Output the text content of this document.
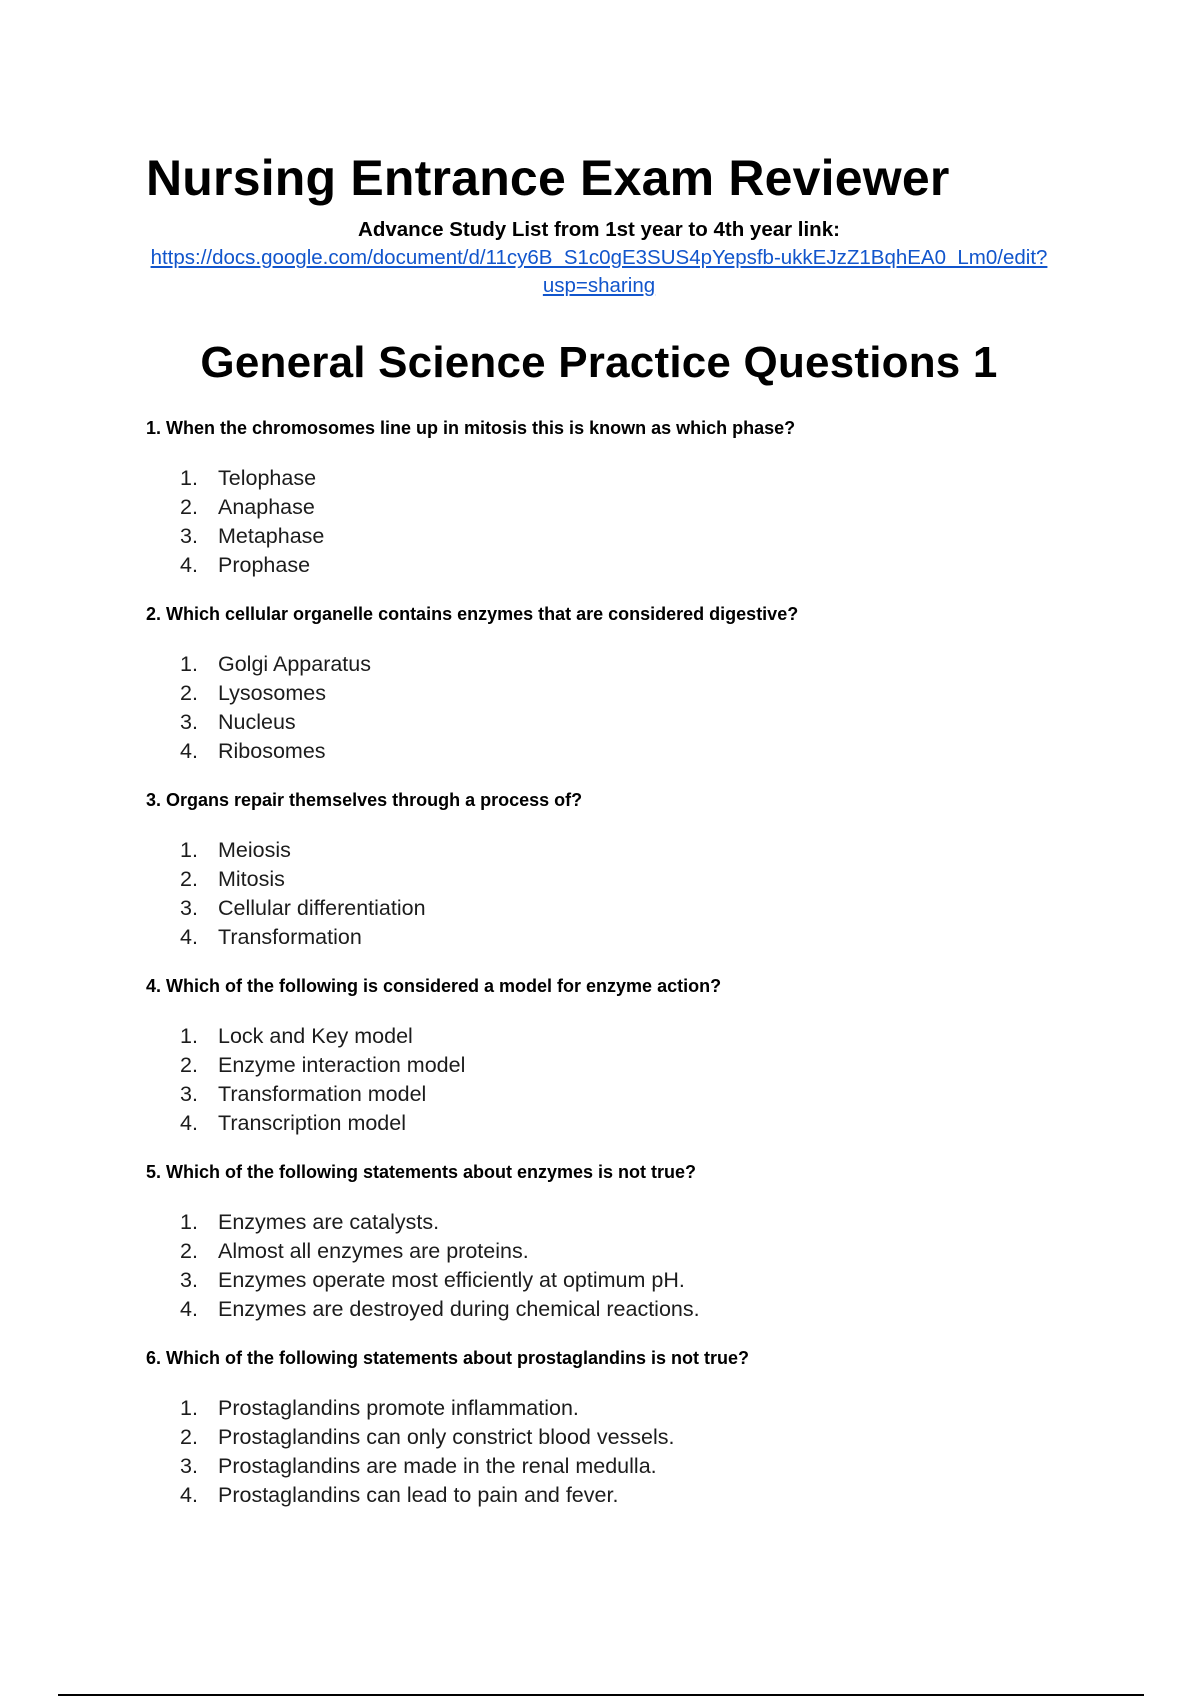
Nursing Entrance Exam Reviewer
Advance Study List from 1st year to 4th year link:
https://docs.google.com/document/d/11cy6B_S1c0gE3SUS4pYepsfb-ukkEJzZ1BqhEA0_Lm0/edit?usp=sharing
General Science Practice Questions 1

1. When the chromosomes line up in mitosis this is known as which phase?

1. Telophase
2. Anaphase
3. Metaphase
4. Prophase

2. Which cellular organelle contains enzymes that are considered digestive?

1. Golgi Apparatus
2. Lysosomes
3. Nucleus
4. Ribosomes

3. Organs repair themselves through a process of?

1. Meiosis
2. Mitosis
3. Cellular differentiation
4. Transformation

4. Which of the following is considered a model for enzyme action?

1. Lock and Key model
2. Enzyme interaction model
3. Transformation model
4. Transcription model

5. Which of the following statements about enzymes is not true?

1. Enzymes are catalysts.
2. Almost all enzymes are proteins.
3. Enzymes operate most efficiently at optimum pH.
4. Enzymes are destroyed during chemical reactions.

6. Which of the following statements about prostaglandins is not true?

1. Prostaglandins promote inflammation.
2. Prostaglandins can only constrict blood vessels.
3. Prostaglandins are made in the renal medulla.
4. Prostaglandins can lead to pain and fever.
